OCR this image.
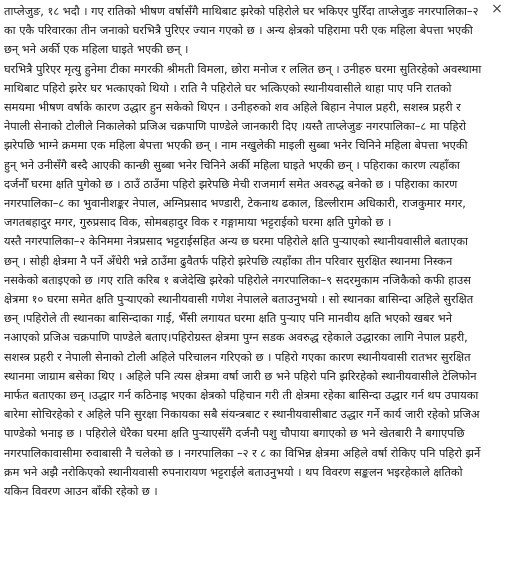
×

ताप्लेजुङ, १८ भदौ । गए रातिको भीषण वर्षासँगै माथिबाट झरेको पहिरोले घर भकिएर पुरिँदा ताप्लेजुङ नगरपालिका–२ का एकै परिवारका तीन जनाको घरभित्रै पुरिएर ज्यान गएको छ । अन्य क्षेत्रको पहिरामा परी एक महिला बेपत्ता भएकी छन् भने अर्की एक महिला घाइते भएकी छन् ।

घरभित्रै पुरिएर मृत्यु हुनेमा टीका मगरकी श्रीमती विमला, छोरा मनोज र ललित छन् । उनीहरु घरमा सुतिरहेको अवस्थामा माथिबाट पहिरो झरेर घर भत्काएको थियो । राति नै पहिरोले घर भत्किएको स्थानीयवासीले थाहा पाए पनि रातको समयमा भीषण वर्षाके कारण उद्धार हुन सकेको थिएन । उनीहरुको शव अहिले बिहान नेपाल प्रहरी, सशस्त्र प्रहरी र नेपाली सेनाको टोलीले निकालेको प्रजिअ चक्रपाणि पाण्डेले जानकारी दिए ।यस्तै ताप्लेजुङ नगरपालिका–८ मा पहिरो झरेपछि भाग्ने क्रममा एक महिला बेपत्ता भएकी छन् । नाम नखुलेकी माइली सुब्बा भनेर चिनिने महिला बेपत्ता भएकी हुन् भने उनीसँगै बस्दै आएकी कान्छी सुब्बा भनेर चिनिने अर्की महिला घाइते भएकी छन् । पहिराका कारण त्यहाँका दर्जनौँ घरमा क्षति पुगेको छ । ठाउँ ठाउँमा पहिरो झरेपछि मेची राजमार्ग समेत अवरुद्ध बनेको छ । पहिराका कारण नगरपालिका–८ का भुवानीशङ्कर नेपाल, अग्निप्रसाद भण्डारी, टेकनाथ ढकाल, डिल्लीराम अधिकारी, राजकुमार मगर, जगतबहादुर मगर, गुरुप्रसाद विक, सोमबहादुर विक र गङ्गामाया भट्टराईको घरमा क्षति पुगेको छ ।

यस्तै नगरपालिका–२ केनिममा नेत्रप्रसाद भट्टराईसहित अन्य छ घरमा पहिरोले क्षति पुऱ्याएको स्थानीयवासीले बताएका छन् । सोही क्षेत्रमा नै पर्ने अँधेरी भन्ने ठाउँमा ढुवैतर्फ पहिरो झरेपछि त्यहाँका तीन परिवार सुरक्षित स्थानमा निस्कन नसकेको बताइएको छ ।गए राति करिब १ बजेदेखि झरेको पहिरोले नगरपालिका–९ सदरमुकाम नजिकैको कफी हाउस क्षेत्रमा १० घरमा समेत क्षति पुऱ्याएको स्थानीयवासी गणेश नेपालले बताउनुभयो । सो स्थानका बासिन्दा अहिले सुरक्षित छन् ।पहिरोले ती स्थानका बासिन्दाका गाई, भैँसी लगायत घरमा क्षति पुऱ्याए पनि मानवीय क्षति भएको खबर भने नआएको प्रजिअ चक्रपाणि पाण्डेले बताए।पहिरोग्रस्त क्षेत्रमा पुग्न सडक अवरुद्ध रहेकाले उद्धारका लागि नेपाल प्रहरी, सशस्त्र प्रहरी र नेपाली सेनाको टोली अहिले परिचालन गरिएको छ । पहिरो गएका कारण स्थानीयवासी रातभर सुरक्षित स्थानमा जाग्राम बसेका थिए । अहिले पनि त्यस क्षेत्रमा वर्षा जारी छ भने पहिरो पनि झरिरहेको स्थानीयवासीले टेलिफोन मार्फत बताएका छन् ।उद्धार गर्न कठिनाइ भएका क्षेत्रको पहिचान गरी ती क्षेत्रमा रहेका बासिन्दा उद्धार गर्न थप उपायका बारेमा सोचिरहेको र अहिले पनि सुरक्षा निकायका सबै संयन्त्रबाट र स्थानीयवासीबाट उद्धार गर्ने कार्य जारी रहेको प्रजिअ पाण्डेको भनाइ छ । पहिरोले धेरैका घरमा क्षति पुऱ्याएसँगै दर्जनौ पशु चौपाया बगाएको छ भने खेतबारी नै बगाएपछि नगरपालिकावासीमा रुवाबासी नै चलेको छ । नगरपालिका –२ र ८ का विभिन्न क्षेत्रमा अहिले वर्षा रोकिए पनि पहिरो झर्ने क्रम भने अझै नरोकिएको स्थानीयवासी रुपनारायण भट्टराईले बताउनुभयो । थप विवरण सङ्कलन भइरहेकाले क्षतिको यकिन विवरण आउन बाँकी रहेको छ ।
